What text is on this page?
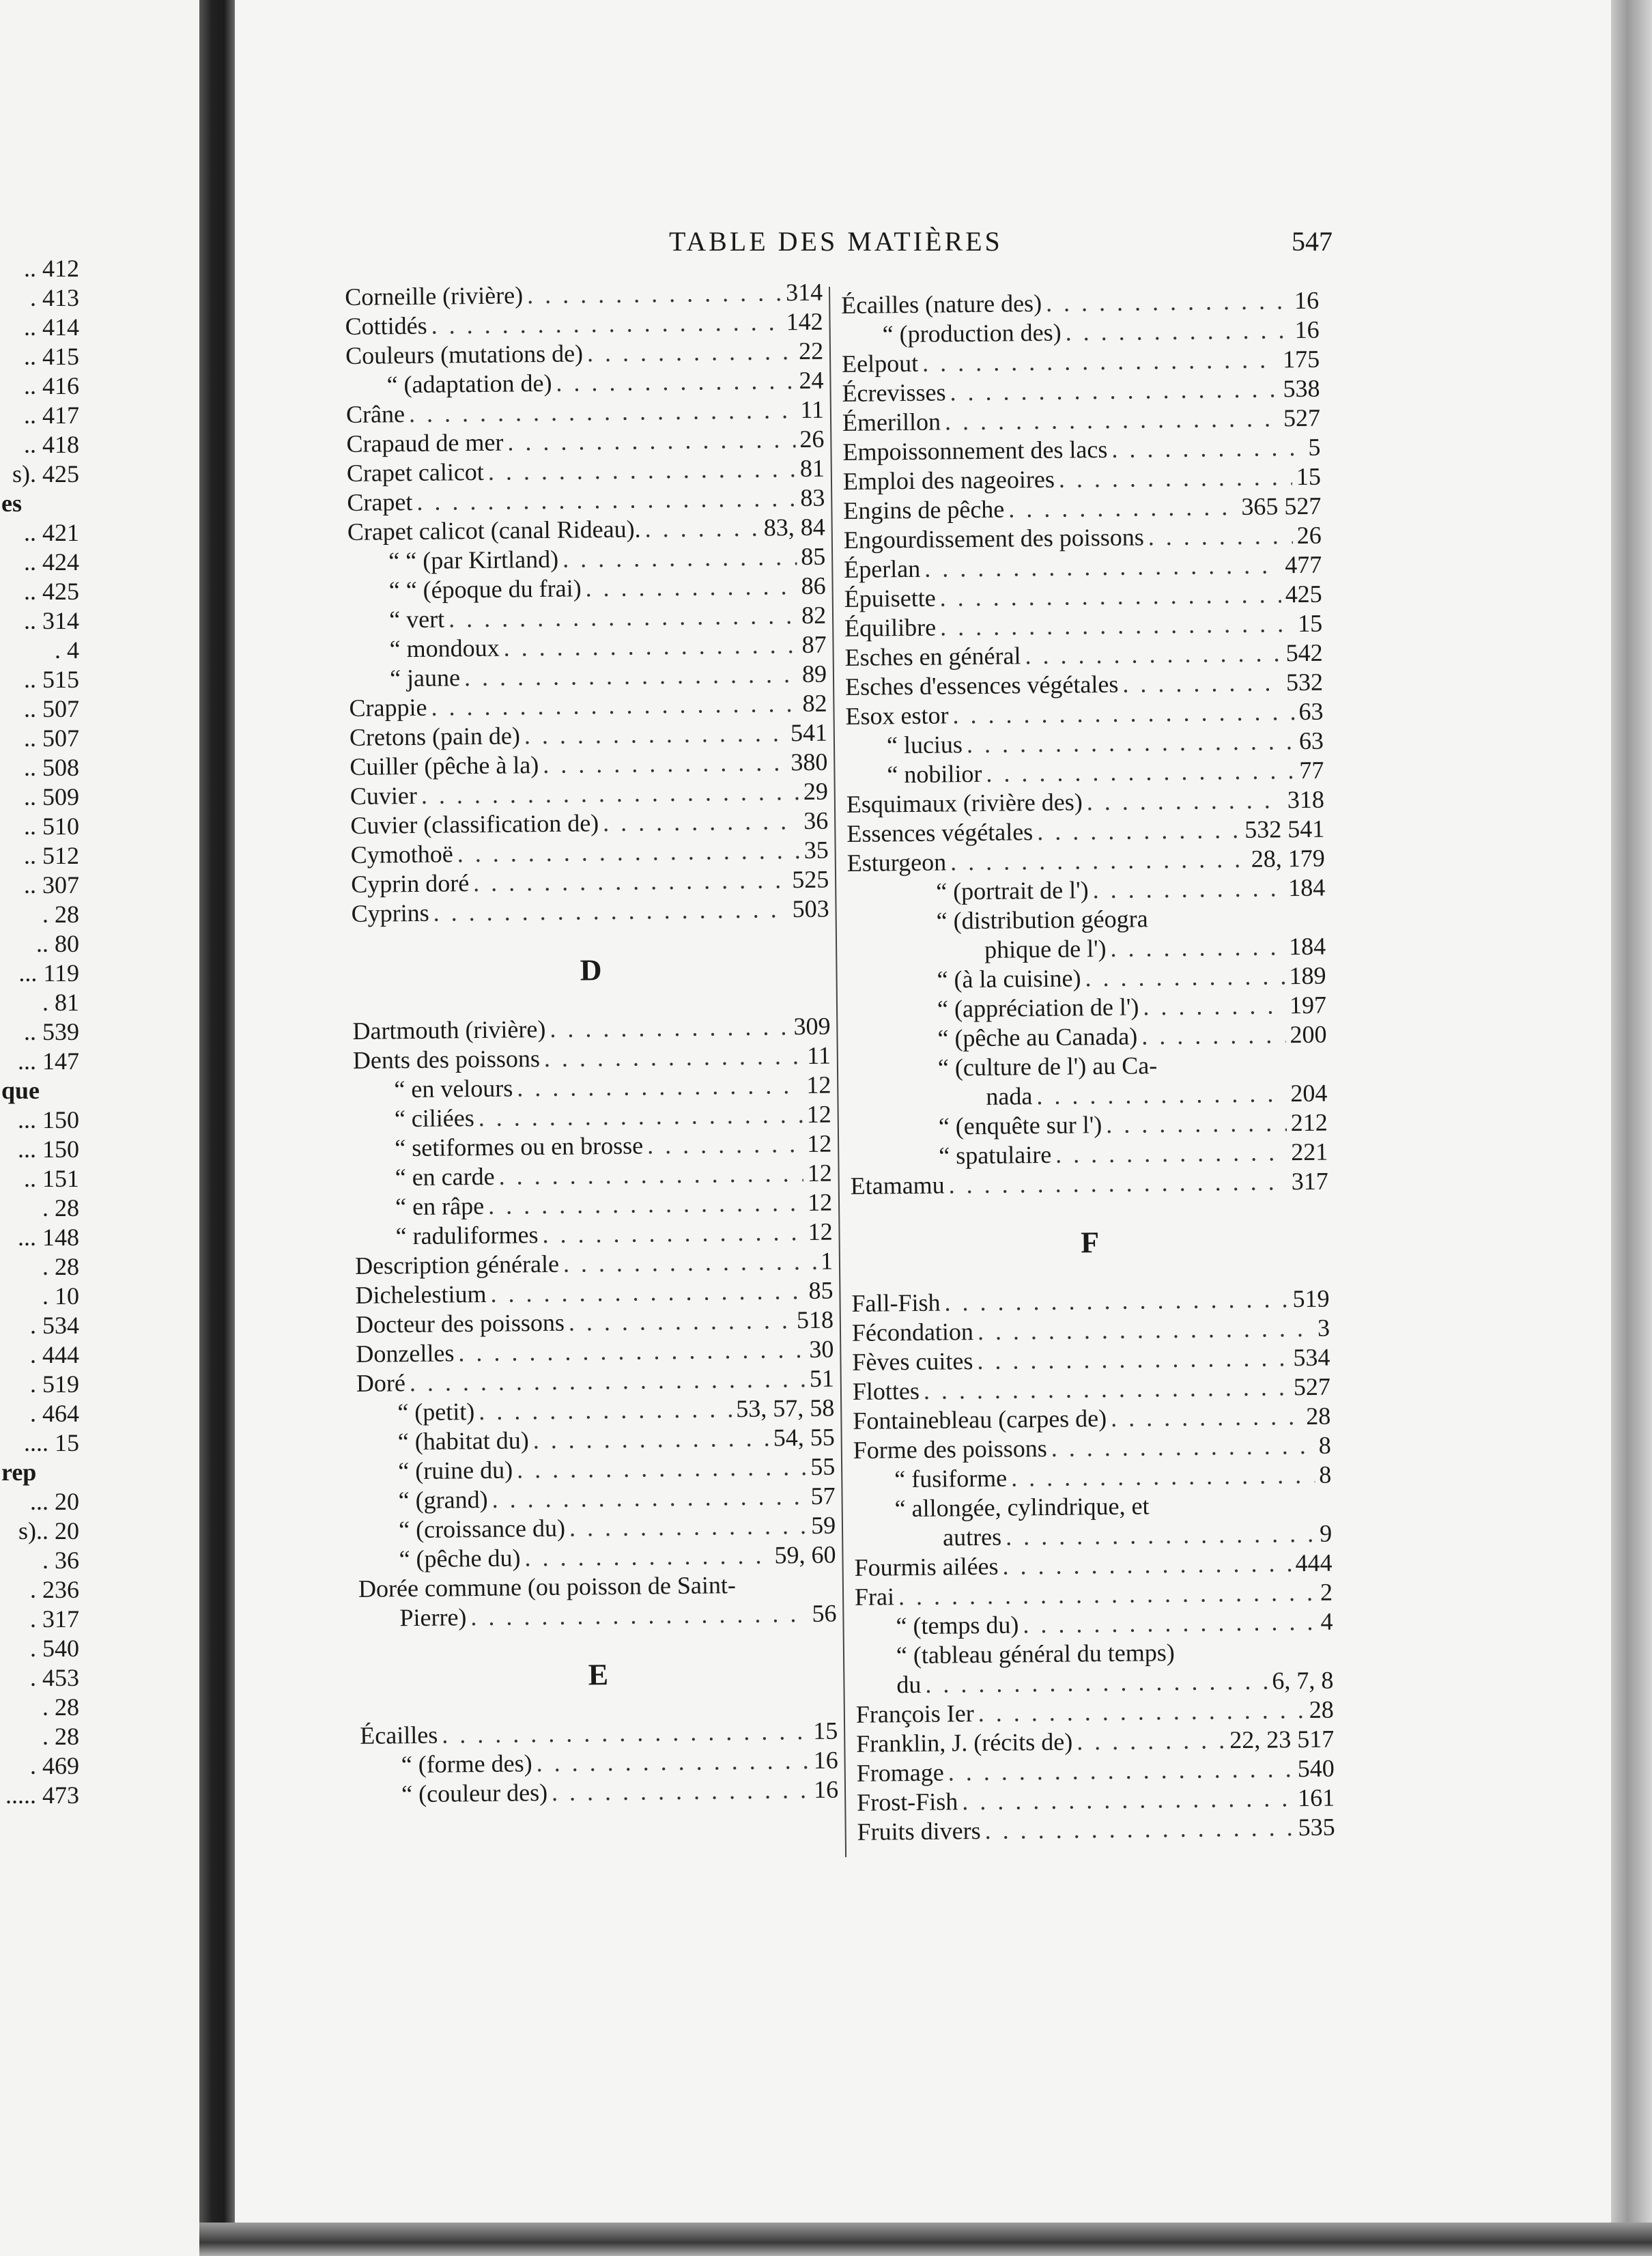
.. 412
. 413
.. 414
.. 415
.. 416
.. 417
.. 418
s). 425
es
.. 421
.. 424
.. 425
.. 314
. 4
.. 515
.. 507
.. 507
.. 508
.. 509
.. 510
.. 512
.. 307
. 28
.. 80
... 119
. 81
.. 539
... 147
que
... 150
... 150
.. 151
. 28
... 148
. 28
. 10
. 534
. 444
. 519
. 464
.... 15
rep
... 20
s).. 20
. 36
. 236
. 317
. 540
. 453
. 28
. 28
. 469
..... 473
TABLE DES MATIÈRES	547
Corneille (rivière) . . .	314
Cottidés . . .	142
Couleurs (mutations de) . . .	22
“ (adaptation de) . . .	24
Crâne . . .	11
Crapaud de mer . . .	26
Crapet calicot . . .	81
Crapet . . .	83
Crapet calicot (canal Rideau). . . .	83, 84
“ “ (par Kirtland) . . .	85
“ “ (époque du frai) . . .	86
“ vert . . .	82
“ mondoux . . .	87
“ jaune . . .	89
Crappie . . .	82
Cretons (pain de) . . .	541
Cuiller (pêche à la) . . .	380
Cuvier . . .	29
Cuvier (classification de) . . .	36
Cymothoë . . .	35
Cyprin doré . . .	525
Cyprins . . .	503
D
Dartmouth (rivière) . . .	309
Dents des poissons . . .	11
“ en velours . . .	12
“ ciliées . . .	12
“ setiformes ou en brosse . . .	12
“ en carde . . .	12
“ en râpe . . .	12
“ raduliformes . . .	12
Description générale . . .	1
Dichelestium . . .	85
Docteur des poissons . . .	518
Donzelles . . .	30
Doré . . .	51
“ (petit) . . .	53, 57, 58
“ (habitat du) . . .	54, 55
“ (ruine du) . . .	55
“ (grand) . . .	57
“ (croissance du) . . .	59
“ (pêche du) . . .	59, 60
Dorée commune (ou poisson de Saint-
Pierre) . . .	56
E
Écailles . . .	15
“ (forme des) . . .	16
“ (couleur des) . . .	16
Écailles (nature des) . . .	16
“ (production des) . . .	16
Eelpout . . .	175
Écrevisses . . .	538
Émerillon . . .	527
Empoissonnement des lacs . . .	5
Emploi des nageoires . . .	15
Engins de pêche . . .	365 527
Engourdissement des poissons . . .	26
Éperlan . . .	477
Épuisette . . .	425
Équilibre . . .	15
Esches en général . . .	542
Esches d'essences végétales . . .	532
Esox estor . . .	63
“ lucius . . .	63
“ nobilior . . .	77
Esquimaux (rivière des) . . .	318
Essences végétales . . .	532 541
Esturgeon . . .	28, 179
“ (portrait de l') . . .	184
“ (distribution géogra
phique de l') . . .	184
“ (à la cuisine) . . .	189
“ (appréciation de l') . . .	197
“ (pêche au Canada) . . .	200
“ (culture de l') au Ca-
nada . . .	204
“ (enquête sur l') . . .	212
“ spatulaire . . .	221
Etamamu . . .	317
F
Fall-Fish . . .	519
Fécondation . . .	3
Fèves cuites . . .	534
Flottes . . .	527
Fontainebleau (carpes de) . . .	28
Forme des poissons . . .	8
“ fusiforme . . .	8
“ allongée, cylindrique, et
autres . . .	9
Fourmis ailées . . .	444
Frai . . .	2
“ (temps du) . . .	4
“ (tableau général du temps)
du . . .	6, 7, 8
François Ier . . .	28
Franklin, J. (récits de) . . .	22, 23 517
Fromage . . .	540
Frost-Fish . . .	161
Fruits divers . . .	535
